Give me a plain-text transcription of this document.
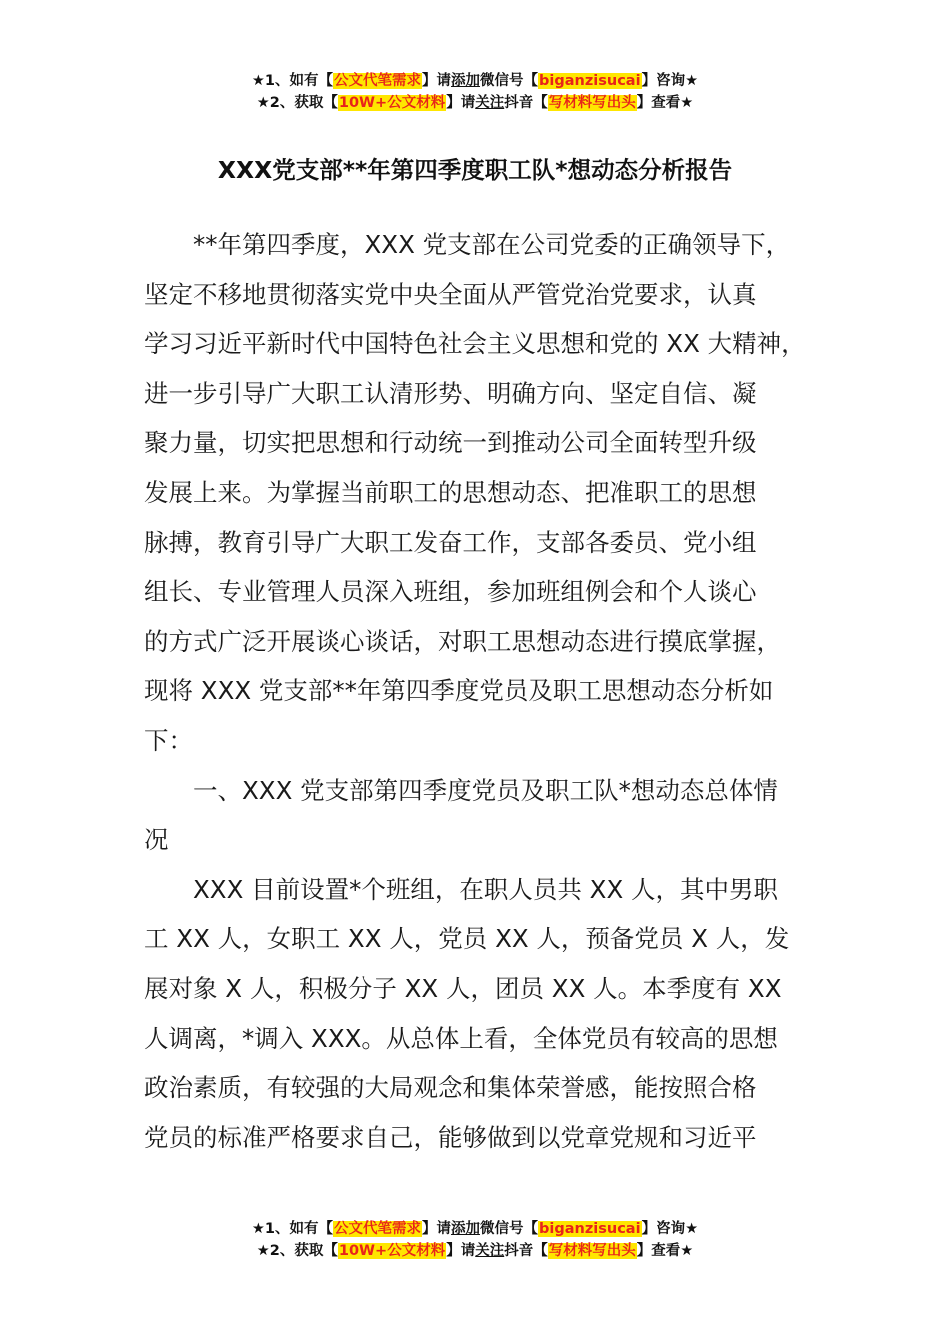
★1、如有【公文代笔需求】请添加微信号【biganzisucai】咨询★
★2、获取【10W+公文材料】请关注抖音【写材料写出头】查看★
XXX党支部**年第四季度职工队*想动态分析报告
**年第四季度，XXX 党支部在公司党委的正确领导下，
坚定不移地贯彻落实党中央全面从严管党治党要求，认真
学习习近平新时代中国特色社会主义思想和党的 XX 大精神，
进一步引导广大职工认清形势、明确方向、坚定自信、凝
聚力量，切实把思想和行动统一到推动公司全面转型升级
发展上来。为掌握当前职工的思想动态、把准职工的思想
脉搏，教育引导广大职工发奋工作，支部各委员、党小组
组长、专业管理人员深入班组，参加班组例会和个人谈心
的方式广泛开展谈心谈话，对职工思想动态进行摸底掌握，
现将 XXX 党支部**年第四季度党员及职工思想动态分析如
下：
一、XXX 党支部第四季度党员及职工队*想动态总体情
况
XXX 目前设置*个班组，在职人员共 XX 人，其中男职
工 XX 人，女职工 XX 人，党员 XX 人，预备党员 X 人，发
展对象 X 人，积极分子 XX 人，团员 XX 人。本季度有 XX
人调离，*调入 XXX。从总体上看，全体党员有较高的思想
政治素质，有较强的大局观念和集体荣誉感，能按照合格
党员的标准严格要求自己，能够做到以党章党规和习近平
★1、如有【公文代笔需求】请添加微信号【biganzisucai】咨询★
★2、获取【10W+公文材料】请关注抖音【写材料写出头】查看★
